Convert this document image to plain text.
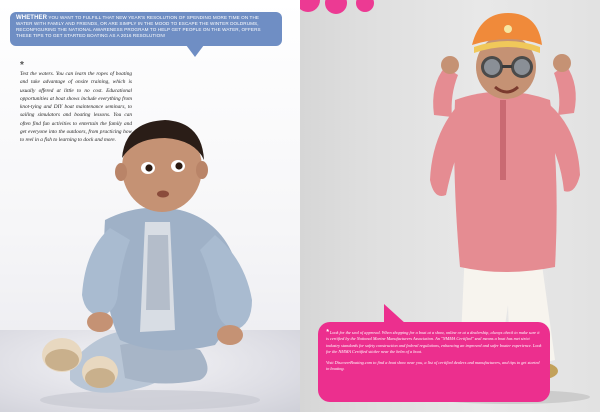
WHETHER YOU WANT TO FULFILL THAT NEW YEAR'S RESOLUTION OF SPENDING MORE TIME ON THE WATER WITH FAMILY AND FRIENDS, OR ARE SIMPLY IN THE MOOD TO ESCAPE THE WINTER DOLDRUMS, RECONFIGURING THE NATIONAL AWARENESS PROGRAM TO HELP GET PEOPLE ON THE WATER, OFFERS THESE TIPS TO GET STARTED BOATING AS A 2016 RESOLUTION!
*

Test the waters. You can learn the ropes of boating and take advantage of onsite training, which is usually offered at little to no cost. Educational opportunities at boat shows include everything from knot-tying and DIY boat maintenance seminars, to sailing simulators and boating lessons. You can often find fun activities to entertain the family and get everyone into the outdoors, from practicing how to reel in a fish to learning to dock and more.

* Look for the seal of approval. When shopping for a boat at a show, online or at a dealership, always check to make sure it is certified by the National Marine Manufacturers Association. An "NMMA Certified" seal means a boat has met strict industry standards for safety construction and federal regulations, enhancing an improved and safer boater experience. Look for the NMMA Certified sticker near the helm of a boat.

Visit DiscoverBoating.com to find a boat show near you, a list of certified dealers and manufacturers, and tips to get started in boating.
